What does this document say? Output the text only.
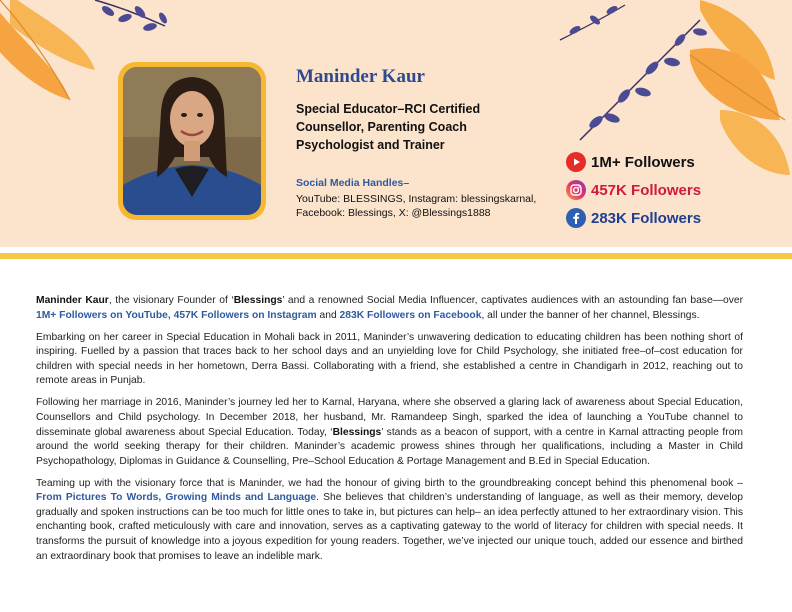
Maninder Kaur
Special Educator–RCI Certified
Counsellor, Parenting Coach
Psychologist and Trainer
Social Media Handles–
YouTube: BLESSINGS, Instagram: blessingskarnal,
Facebook: Blessings, X: @Blessings1888
1M+ Followers
457K Followers
283K Followers

Maninder Kaur, the visionary Founder of ‘Blessings’ and a renowned Social Media Influencer, captivates audiences with an astounding fan base—over 1M+ Followers on YouTube, 457K Followers on Instagram and 283K Followers on Facebook, all under the banner of her channel, Blessings.

Embarking on her career in Special Education in Mohali back in 2011, Maninder’s unwavering dedication to educating children has been nothing short of inspiring. Fuelled by a passion that traces back to her school days and an unyielding love for Child Psychology, she initiated free–of–cost education for children with special needs in her hometown, Derra Bassi. Collaborating with a friend, she established a centre in Chandigarh in 2012, reaching out to remote areas in Punjab.

Following her marriage in 2016, Maninder’s journey led her to Karnal, Haryana, where she observed a glaring lack of awareness about Special Education, Counsellors and Child psychology. In December 2018, her husband, Mr. Ramandeep Singh, sparked the idea of launching a YouTube channel to disseminate global awareness about Special Education. Today, ‘Blessings’ stands as a beacon of support, with a centre in Karnal attracting people from around the world seeking therapy for their children. Maninder’s academic prowess shines through her qualifications, including a Master in Child Psychopathology, Diplomas in Guidance & Counselling, Pre–School Education & Portage Management and B.Ed in Special Education.

Teaming up with the visionary force that is Maninder, we had the honour of giving birth to the groundbreaking concept behind this phenomenal book – From Pictures To Words, Growing Minds and Language. She believes that children’s understanding of language, as well as their memory, develop gradually and spoken instructions can be too much for little ones to take in, but pictures can help– an idea perfectly attuned to her extraordinary vision. This enchanting book, crafted meticulously with care and innovation, serves as a captivating gateway to the world of literacy for children with special needs. It transforms the pursuit of knowledge into a joyous expedition for young readers. Together, we’ve injected our unique touch, added our essence and birthed an extraordinary book that promises to leave an indelible mark.
